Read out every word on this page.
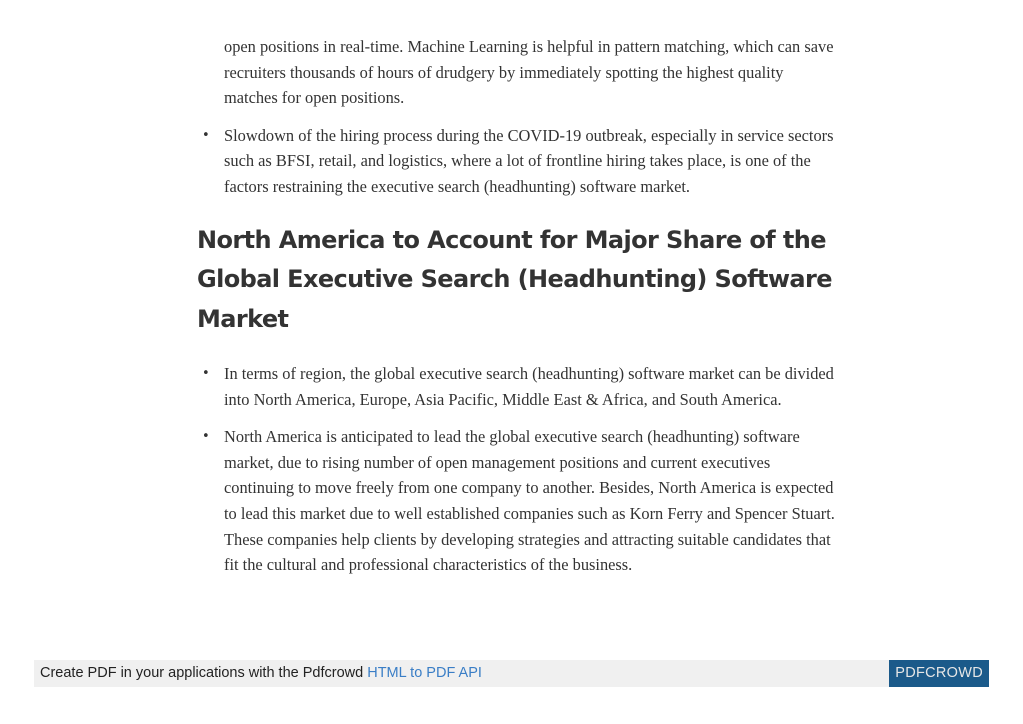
open positions in real-time. Machine Learning is helpful in pattern matching, which can save recruiters thousands of hours of drudgery by immediately spotting the highest quality matches for open positions.
• Slowdown of the hiring process during the COVID-19 outbreak, especially in service sectors such as BFSI, retail, and logistics, where a lot of frontline hiring takes place, is one of the factors restraining the executive search (headhunting) software market.
North America to Account for Major Share of the Global Executive Search (Headhunting) Software Market
• In terms of region, the global executive search (headhunting) software market can be divided into North America, Europe, Asia Pacific, Middle East & Africa, and South America.
• North America is anticipated to lead the global executive search (headhunting) software market, due to rising number of open management positions and current executives continuing to move freely from one company to another. Besides, North America is expected to lead this market due to well established companies such as Korn Ferry and Spencer Stuart. These companies help clients by developing strategies and attracting suitable candidates that fit the cultural and professional characteristics of the business.
Create PDF in your applications with the Pdfcrowd HTML to PDF API	PDFCROWD
